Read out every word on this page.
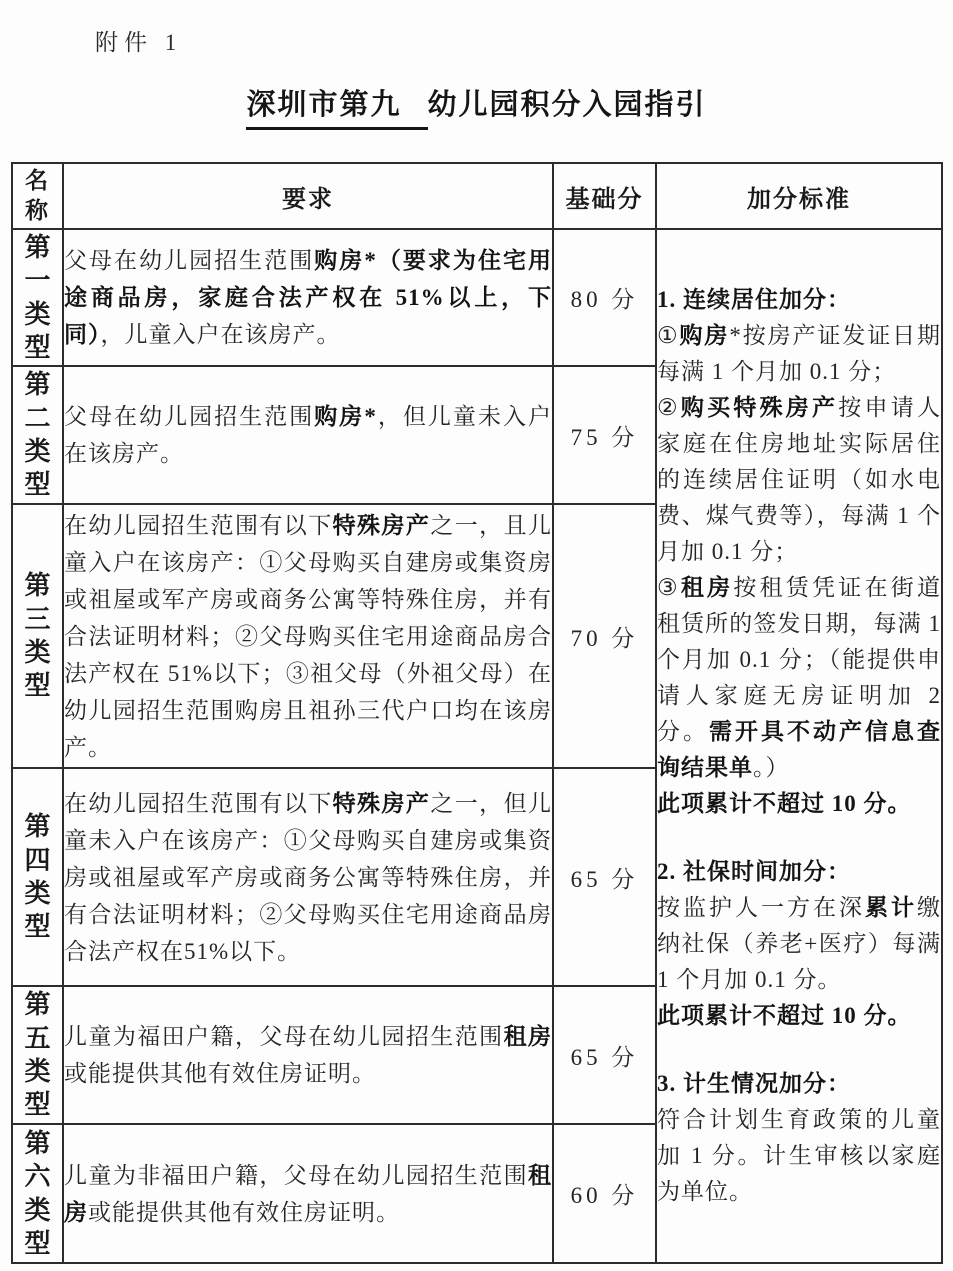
附件 1
深圳市第九 幼儿园积分入园指引
名称	要求	基础分	加分标准
第一类型	父母在幼儿园招生范围购房*（要求为住宅用途商品房，家庭合法产权在 51%以上，下同），儿童入户在该房产。	80 分	1. 连续居住加分：
①购房*按房产证发证日期每满 1 个月加 0.1 分；
②购买特殊房产按申请人家庭在住房地址实际居住的连续居住证明（如水电费、煤气费等），每满 1 个月加 0.1 分；
③租房按租赁凭证在街道租赁所的签发日期，每满 1 个月加 0.1 分；（能提供申请人家庭无房证明加 2 分。需开具不动产信息查询结果单。）
此项累计不超过 10 分。
2. 社保时间加分：
按监护人一方在深累计缴纳社保（养老+医疗）每满 1 个月加 0.1 分。
此项累计不超过 10 分。
3. 计生情况加分：
符合计划生育政策的儿童加 1 分。计生审核以家庭为单位。

第二类型	父母在幼儿园招生范围购房*，但儿童未入户在该房产。	75 分	
第三类型	在幼儿园招生范围有以下特殊房产之一，且儿童入户在该房产：①父母购买自建房或集资房或祖屋或军产房或商务公寓等特殊住房，并有合法证明材料；②父母购买住宅用途商品房合法产权在 51%以下；③祖父母（外祖父母）在幼儿园招生范围购房且祖孙三代户口均在该房产。	70 分	
第四类型	在幼儿园招生范围有以下特殊房产之一，但儿童未入户在该房产：①父母购买自建房或集资房或祖屋或军产房或商务公寓等特殊住房，并有合法证明材料；②父母购买住宅用途商品房合法产权在51%以下。	65 分	
第五类型	儿童为福田户籍，父母在幼儿园招生范围租房或能提供其他有效住房证明。	65 分	
第六类型	儿童为非福田户籍，父母在幼儿园招生范围租房或能提供其他有效住房证明。	60 分	
